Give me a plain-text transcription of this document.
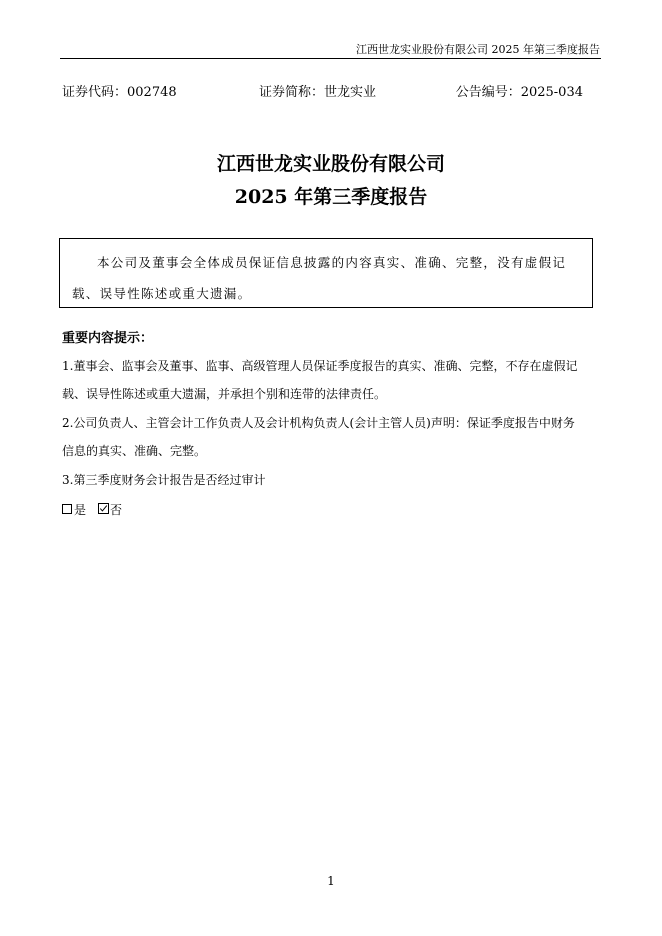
江西世龙实业股份有限公司 2025 年第三季度报告
证券代码：002748	证券简称：世龙实业	公告编号：2025-034
江西世龙实业股份有限公司
2025 年第三季度报告
本公司及董事会全体成员保证信息披露的内容真实、准确、完整，没有虚假记载、误导性陈述或重大遗漏。
重要内容提示：
1.董事会、监事会及董事、监事、高级管理人员保证季度报告的真实、准确、完整，不存在虚假记载、误导性陈述或重大遗漏，并承担个别和连带的法律责任。
2.公司负责人、主管会计工作负责人及会计机构负责人(会计主管人员)声明：保证季度报告中财务信息的真实、准确、完整。
3.第三季度财务会计报告是否经过审计
是 否
1
